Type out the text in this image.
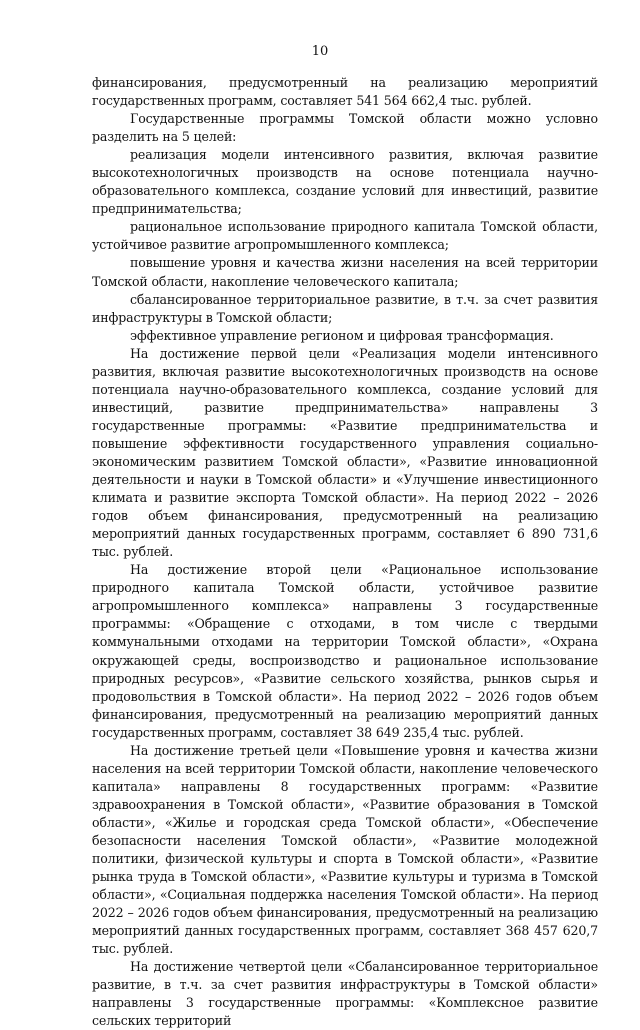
10

финансирования, предусмотренный на реализацию мероприятий государственных программ, составляет 541 564 662,4 тыс. рублей.

Государственные программы Томской области можно условно разделить на 5 целей:

реализация модели интенсивного развития, включая развитие высокотехнологичных производств на основе потенциала научно-образовательного комплекса, создание условий для инвестиций, развитие предпринимательства;

рациональное использование природного капитала Томской области, устойчивое развитие агропромышленного комплекса;

повышение уровня и качества жизни населения на всей территории Томской области, накопление человеческого капитала;

сбалансированное территориальное развитие, в т.ч. за счет развития инфраструктуры в Томской области;

эффективное управление регионом и цифровая трансформация.

На достижение первой цели «Реализация модели интенсивного развития, включая развитие высокотехнологичных производств на основе потенциала научно-образовательного комплекса, создание условий для инвестиций, развитие предпринимательства» направлены 3 государственные программы: «Развитие предпринимательства и повышение эффективности государственного управления социально-экономическим развитием Томской области», «Развитие инновационной деятельности и науки в Томской области» и «Улучшение инвестиционного климата и развитие экспорта Томской области». На период 2022 – 2026 годов объем финансирования, предусмотренный на реализацию мероприятий данных государственных программ, составляет 6 890 731,6 тыс. рублей.

На достижение второй цели «Рациональное использование природного капитала Томской области, устойчивое развитие агропромышленного комплекса» направлены 3 государственные программы: «Обращение с отходами, в том числе с твердыми коммунальными отходами на территории Томской области», «Охрана окружающей среды, воспроизводство и рациональное использование природных ресурсов», «Развитие сельского хозяйства, рынков сырья и продовольствия в Томской области». На период 2022 – 2026 годов объем финансирования, предусмотренный на реализацию мероприятий данных государственных программ, составляет 38 649 235,4 тыс. рублей.

На достижение третьей цели «Повышение уровня и качества жизни населения на всей территории Томской области, накопление человеческого капитала» направлены 8 государственных программ: «Развитие здравоохранения в Томской области», «Развитие образования в Томской области», «Жилье и городская среда Томской области», «Обеспечение безопасности населения Томской области», «Развитие молодежной политики, физической культуры и спорта в Томской области», «Развитие рынка труда в Томской области», «Развитие культуры и туризма в Томской области», «Социальная поддержка населения Томской области». На период 2022 – 2026 годов объем финансирования, предусмотренный на реализацию мероприятий данных государственных программ, составляет 368 457 620,7 тыс. рублей.

На достижение четвертой цели «Сбалансированное территориальное развитие, в т.ч. за счет развития инфраструктуры в Томской области» направлены 3 государственные программы: «Комплексное развитие сельских территорий
